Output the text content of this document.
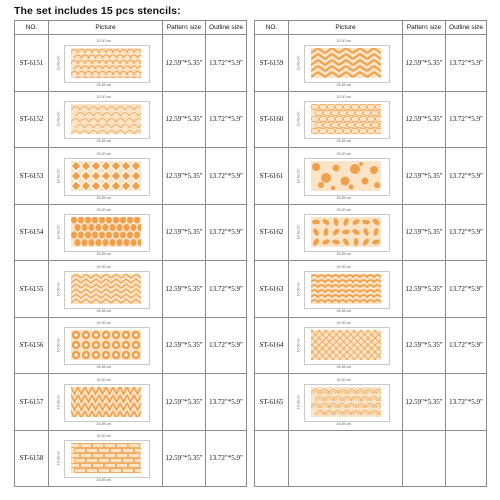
The set includes 15 pcs stencils:
NO.	Picture	Pattern size	Outline size
ST-6151	32.00 cm
34.85 cm
13.60 cm	12.59"*5.35"	13.72"*5.9"
ST-6152	32.00 cm
34.85 cm
13.60 cm	12.59"*5.35"	13.72"*5.9"
ST-6153	32.00 cm
34.85 cm
13.60 cm	12.59"*5.35"	13.72"*5.9"
ST-6154	32.00 cm
34.85 cm
13.60 cm	12.59"*5.35"	13.72"*5.9"
ST-6155	32.00 cm
34.85 cm
13.60 cm	12.59"*5.35"	13.72"*5.9"
ST-6156	32.00 cm
34.85 cm
13.60 cm	12.59"*5.35"	13.72"*5.9"
ST-6157	32.00 cm
34.85 cm
13.60 cm	12.59"*5.35"	13.72"*5.9"
ST-6158	32.00 cm
34.85 cm
13.60 cm	12.59"*5.35"	13.72"*5.9"
NO.	Picture	Pattern size	Outline size
ST-6159	32.00 cm
34.85 cm
13.60 cm	12.59"*5.35"	13.72"*5.9"
ST-6160	32.00 cm
34.85 cm
13.60 cm	12.59"*5.35"	13.72"*5.9"
ST-6161	32.00 cm
34.85 cm
13.60 cm	12.59"*5.35"	13.72"*5.9"
ST-6162	32.00 cm
34.85 cm
13.60 cm	12.59"*5.35"	13.72"*5.9"
ST-6163	32.00 cm
34.85 cm
13.60 cm	12.59"*5.35"	13.72"*5.9"
ST-6164	32.00 cm
34.85 cm
13.60 cm	12.59"*5.35"	13.72"*5.9"
ST-6165	32.00 cm
34.85 cm
13.60 cm	12.59"*5.35"	13.72"*5.9"
